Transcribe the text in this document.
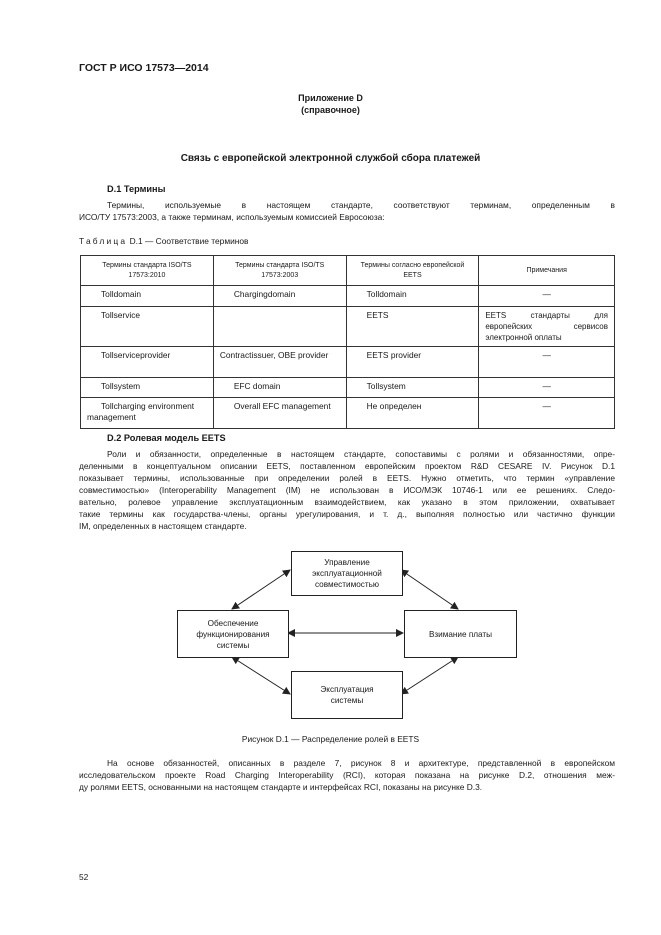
ГОСТ Р ИСО 17573—2014
Приложение D
(справочное)
Связь с европейской электронной службой сбора платежей
D.1 Термины
Термины, используемые в настоящем стандарте, соответствуют терминам, определенным в
ИСО/ТУ 17573:2003, а также терминам, используемым комиссией Евросоюза:
Таблица D.1 — Соответствие терминов
Термины стандарта ISO/TS 17573:2010	Термины стандарта ISO/TS 17573:2003	Термины согласно европейской EETS	Примечания

Tolldomain	Chargingdomain	Tolldomain	—

Tollservice		EETS	EETS стандарты для европейских сервисов электронной оплаты

Tollserviceprovider	Contractissuer, OBE provider	EETS provider	—

Tollsystem	EFC domain	Tollsystem	—

Tollcharging environment management	Overall EFC management	Не определен	—
D.2 Ролевая модель EETS
Роли и обязанности, определенные в настоящем стандарте, сопоставимы с ролями и обязанностями, опре-
деленными в концептуальном описании EETS, поставленном европейским проектом R&D CESARE IV. Рисунок D.1
показывает термины, использованные при определении ролей в EETS. Нужно отметить, что термин «управление
совместимостью» (Interoperability Management (IM) не использован в ИСО/МЭК 10746-1 или ее решениях. Следо-
вательно, ролевое управление эксплуатационным взаимодействием, как указано в этом приложении, охватывает
такие термины как государства-члены, органы урегулирования, и т. д., выполняя полностью или частично функции
IM, определенных в настоящем стандарте.
Управление
эксплуатационной
совместимостью
Обеспечение
функционирования
системы
Взимание платы
Эксплуатация
системы
Рисунок D.1 — Распределение ролей в EETS
На основе обязанностей, описанных в разделе 7, рисунок 8 и архитектуре, представленной в европейском
исследовательском проекте Road Charging Interoperability (RCI), которая показана на рисунке D.2, отношения меж-
ду ролями EETS, основанными на настоящем стандарте и интерфейсах RCI, показаны на рисунке D.3.
52
